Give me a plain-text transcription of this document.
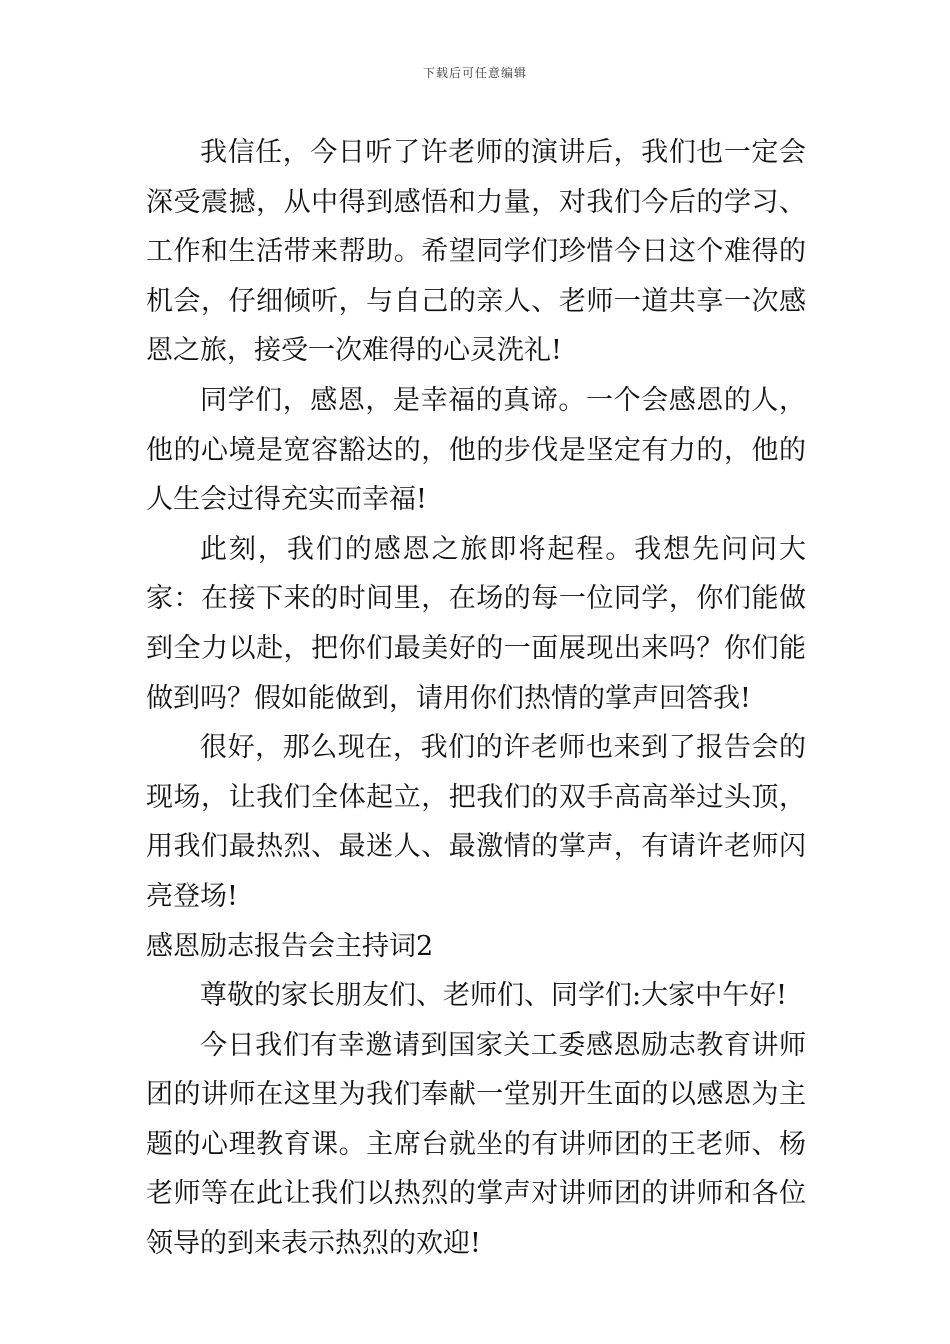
下载后可任意编辑

我信任，今日听了许老师的演讲后，我们也一定会深受震撼，从中得到感悟和力量，对我们今后的学习、工作和生活带来帮助。希望同学们珍惜今日这个难得的机会，仔细倾听，与自己的亲人、老师一道共享一次感恩之旅，接受一次难得的心灵洗礼!

同学们，感恩，是幸福的真谛。一个会感恩的人，他的心境是宽容豁达的，他的步伐是坚定有力的，他的人生会过得充实而幸福!

此刻，我们的感恩之旅即将起程。我想先问问大家：在接下来的时间里，在场的每一位同学，你们能做到全力以赴，把你们最美好的一面展现出来吗？你们能做到吗？假如能做到，请用你们热情的掌声回答我!

很好，那么现在，我们的许老师也来到了报告会的现场，让我们全体起立，把我们的双手高高举过头顶，用我们最热烈、最迷人、最激情的掌声，有请许老师闪亮登场!

感恩励志报告会主持词2

尊敬的家长朋友们、老师们、同学们:大家中午好!

今日我们有幸邀请到国家关工委感恩励志教育讲师团的讲师在这里为我们奉献一堂别开生面的以感恩为主题的心理教育课。主席台就坐的有讲师团的王老师、杨老师等在此让我们以热烈的掌声对讲师团的讲师和各位领导的到来表示热烈的欢迎!
